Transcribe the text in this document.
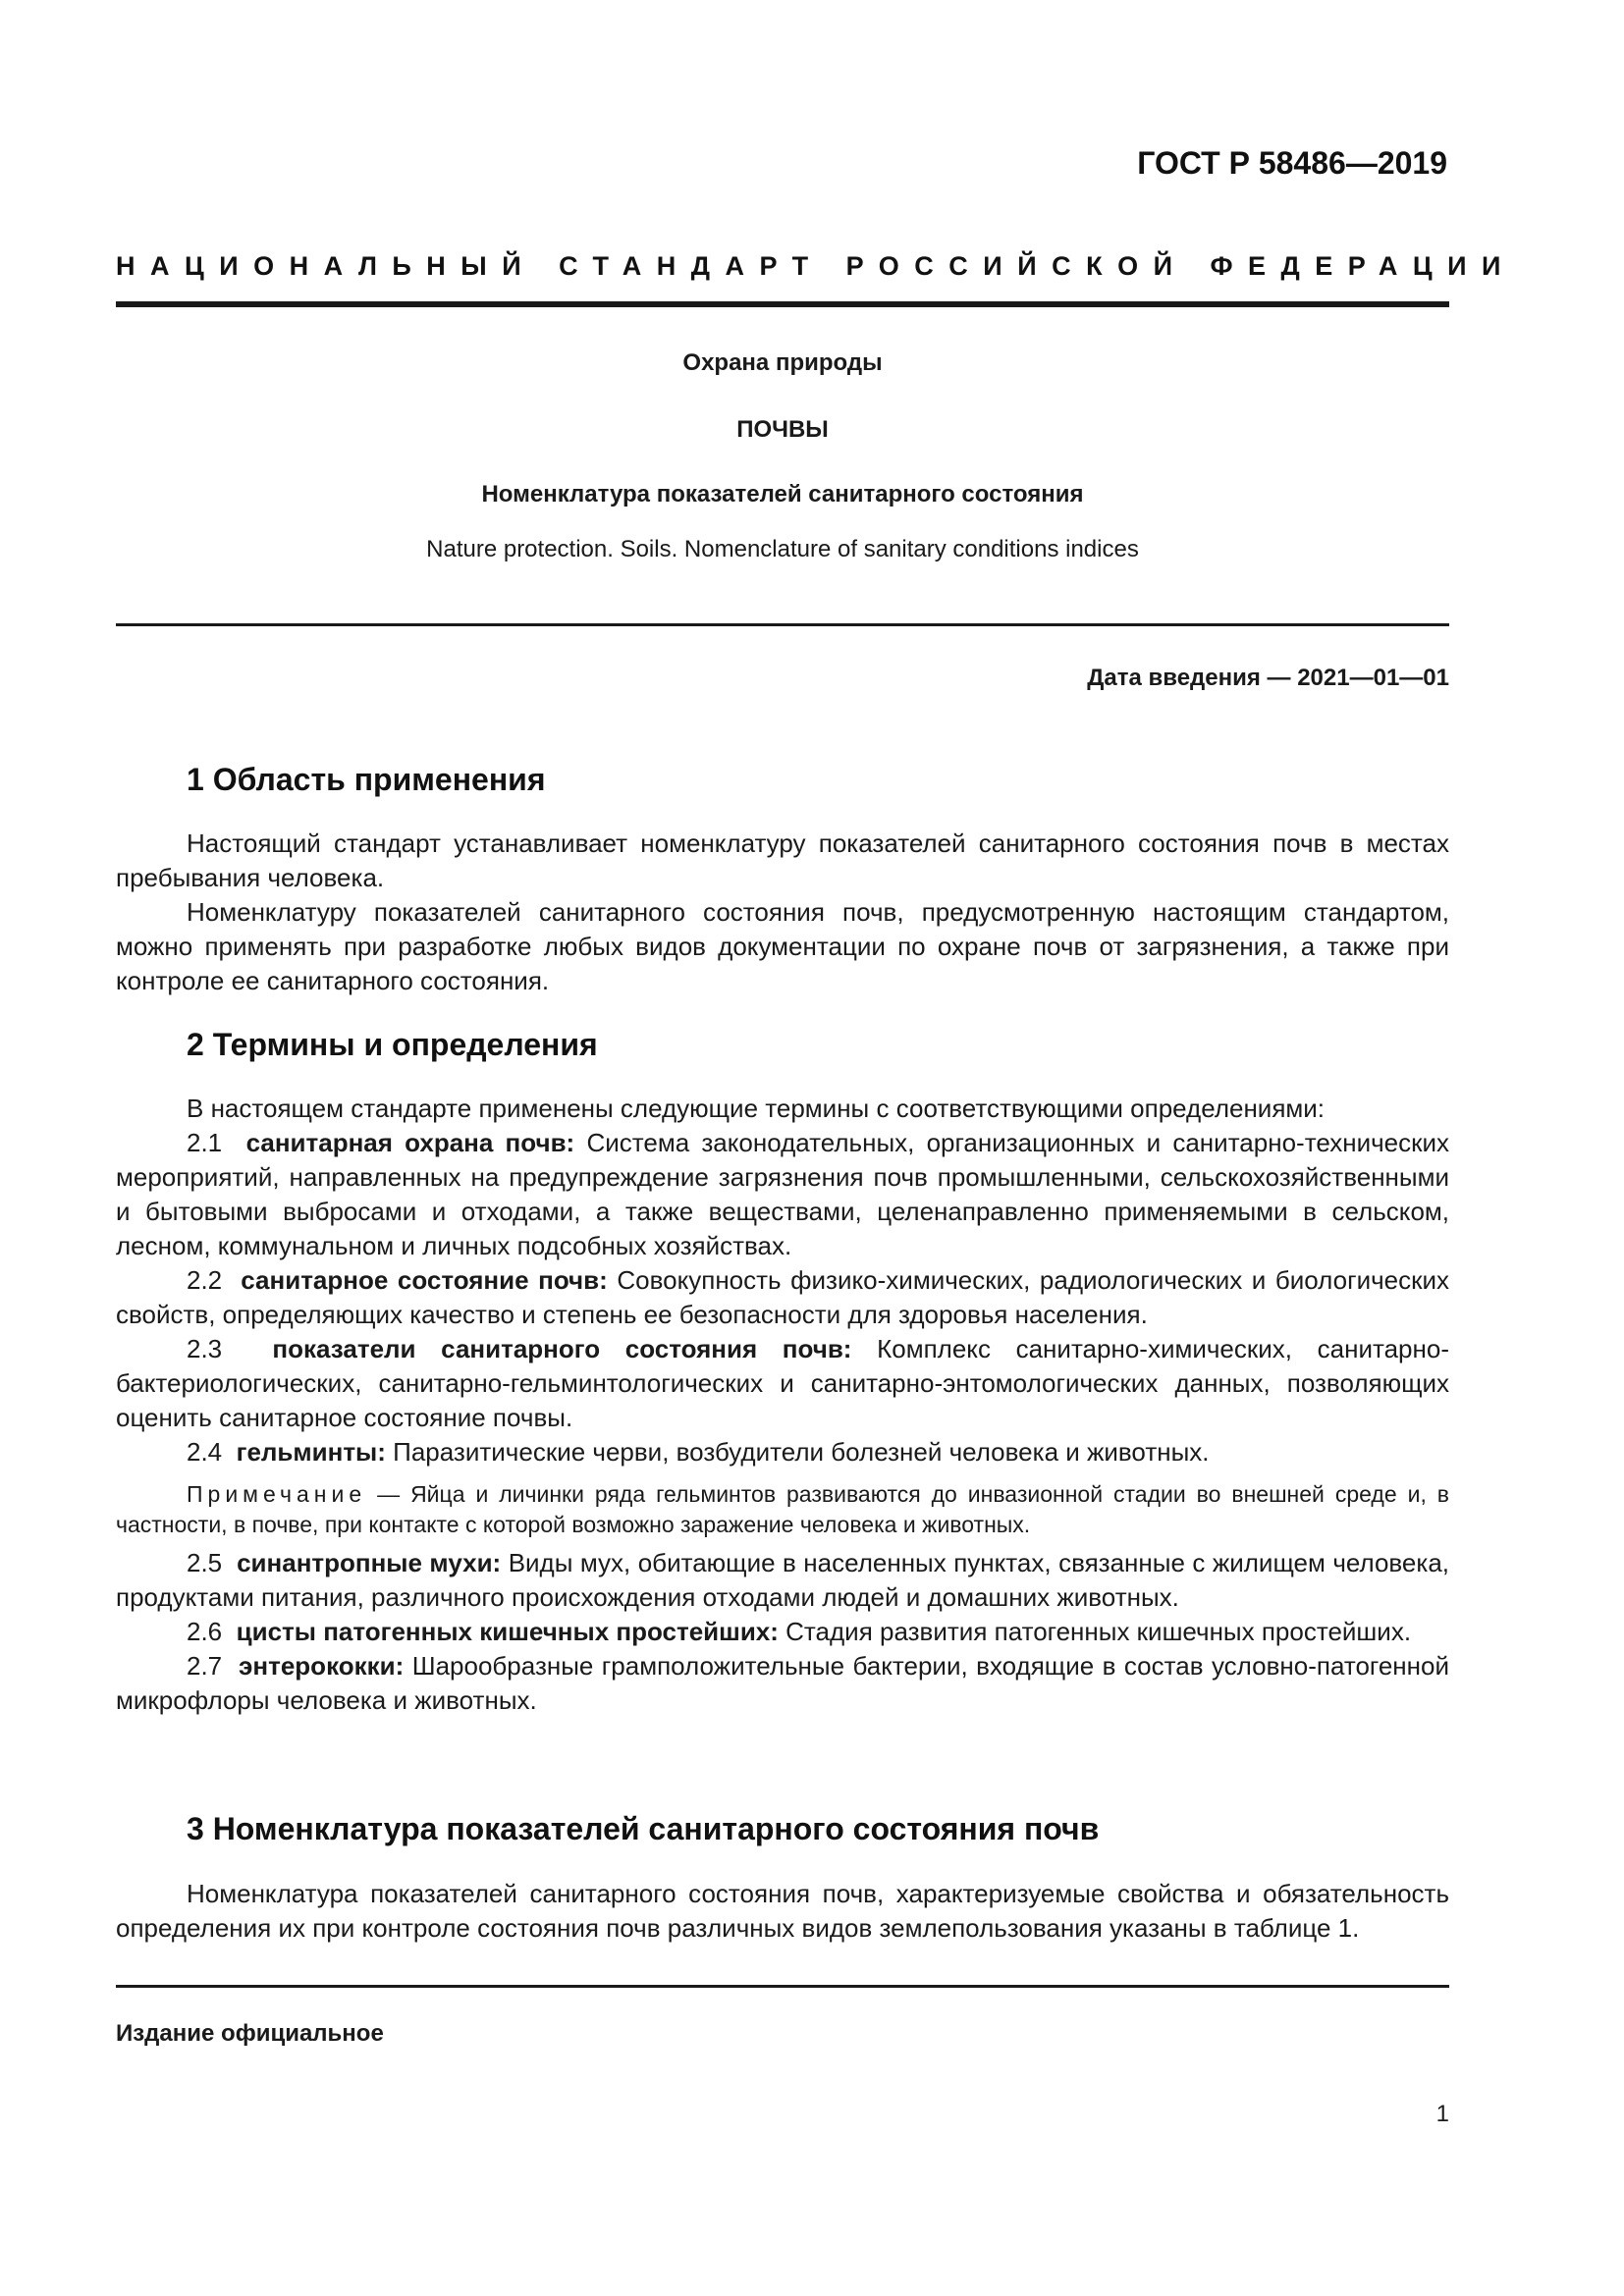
ГОСТ Р 58486—2019
НАЦИОНАЛЬНЫЙ СТАНДАРТ РОССИЙСКОЙ ФЕДЕРАЦИИ
Охрана природы
ПОЧВЫ
Номенклатура показателей санитарного состояния
Nature protection. Soils. Nomenclature of sanitary conditions indices
Дата введения — 2021—01—01
1 Область применения

Настоящий стандарт устанавливает номенклатуру показателей санитарного состояния почв в местах пребывания человека.

Номенклатуру показателей санитарного состояния почв, предусмотренную настоящим стандартом, можно применять при разработке любых видов документации по охране почв от загрязнения, а также при контроле ее санитарного состояния.

2 Термины и определения

В настоящем стандарте применены следующие термины с соответствующими определениями:

2.1 санитарная охрана почв: Система законодательных, организационных и санитарно-технических мероприятий, направленных на предупреждение загрязнения почв промышленными, сельскохозяйственными и бытовыми выбросами и отходами, а также веществами, целенаправленно применяемыми в сельском, лесном, коммунальном и личных подсобных хозяйствах.

2.2 санитарное состояние почв: Совокупность физико-химических, радиологических и биологических свойств, определяющих качество и степень ее безопасности для здоровья населения.

2.3 показатели санитарного состояния почв: Комплекс санитарно-химических, санитарно-бактериологических, санитарно-гельминтологических и санитарно-энтомологических данных, позволяющих оценить санитарное состояние почвы.

2.4 гельминты: Паразитические черви, возбудители болезней человека и животных.

Примечание — Яйца и личинки ряда гельминтов развиваются до инвазионной стадии во внешней среде и, в частности, в почве, при контакте с которой возможно заражение человека и животных.

2.5 синантропные мухи: Виды мух, обитающие в населенных пунктах, связанные с жилищем человека, продуктами питания, различного происхождения отходами людей и домашних животных.

2.6 цисты патогенных кишечных простейших: Стадия развития патогенных кишечных простейших.

2.7 энтерококки: Шарообразные грамположительные бактерии, входящие в состав условно-патогенной микрофлоры человека и животных.

3 Номенклатура показателей санитарного состояния почв

Номенклатура показателей санитарного состояния почв, характеризуемые свойства и обязательность определения их при контроле состояния почв различных видов землепользования указаны в таблице 1.

Издание официальное
1
